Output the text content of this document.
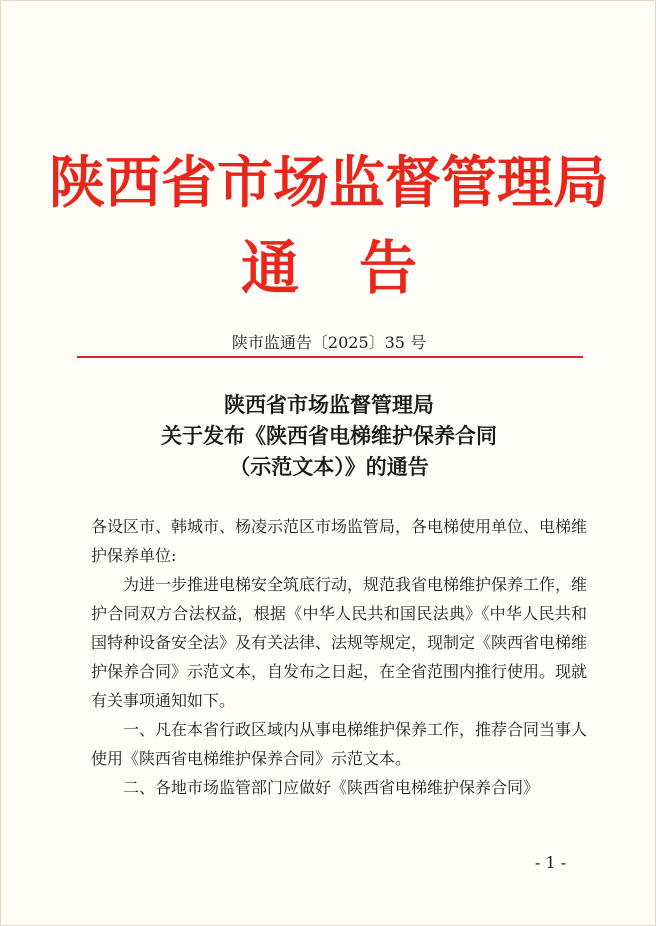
陕西省市场监督管理局
通告
陕市监通告〔2025〕35 号
陕西省市场监督管理局
关于发布《陕西省电梯维护保养合同
（示范文本）》的通告

各设区市、韩城市、杨凌示范区市场监管局，各电梯使用单位、电梯维护保养单位:

为进一步推进电梯安全筑底行动，规范我省电梯维护保养工作，维护合同双方合法权益，根据《中华人民共和国民法典》《中华人民共和国特种设备安全法》及有关法律、法规等规定，现制定《陕西省电梯维护保养合同》示范文本，自发布之日起，在全省范围内推行使用。现就有关事项通知如下。

一、凡在本省行政区域内从事电梯维护保养工作，推荐合同当事人使用《陕西省电梯维护保养合同》示范文本。

二、各地市场监管部门应做好《陕西省电梯维护保养合同》

- 1 -
